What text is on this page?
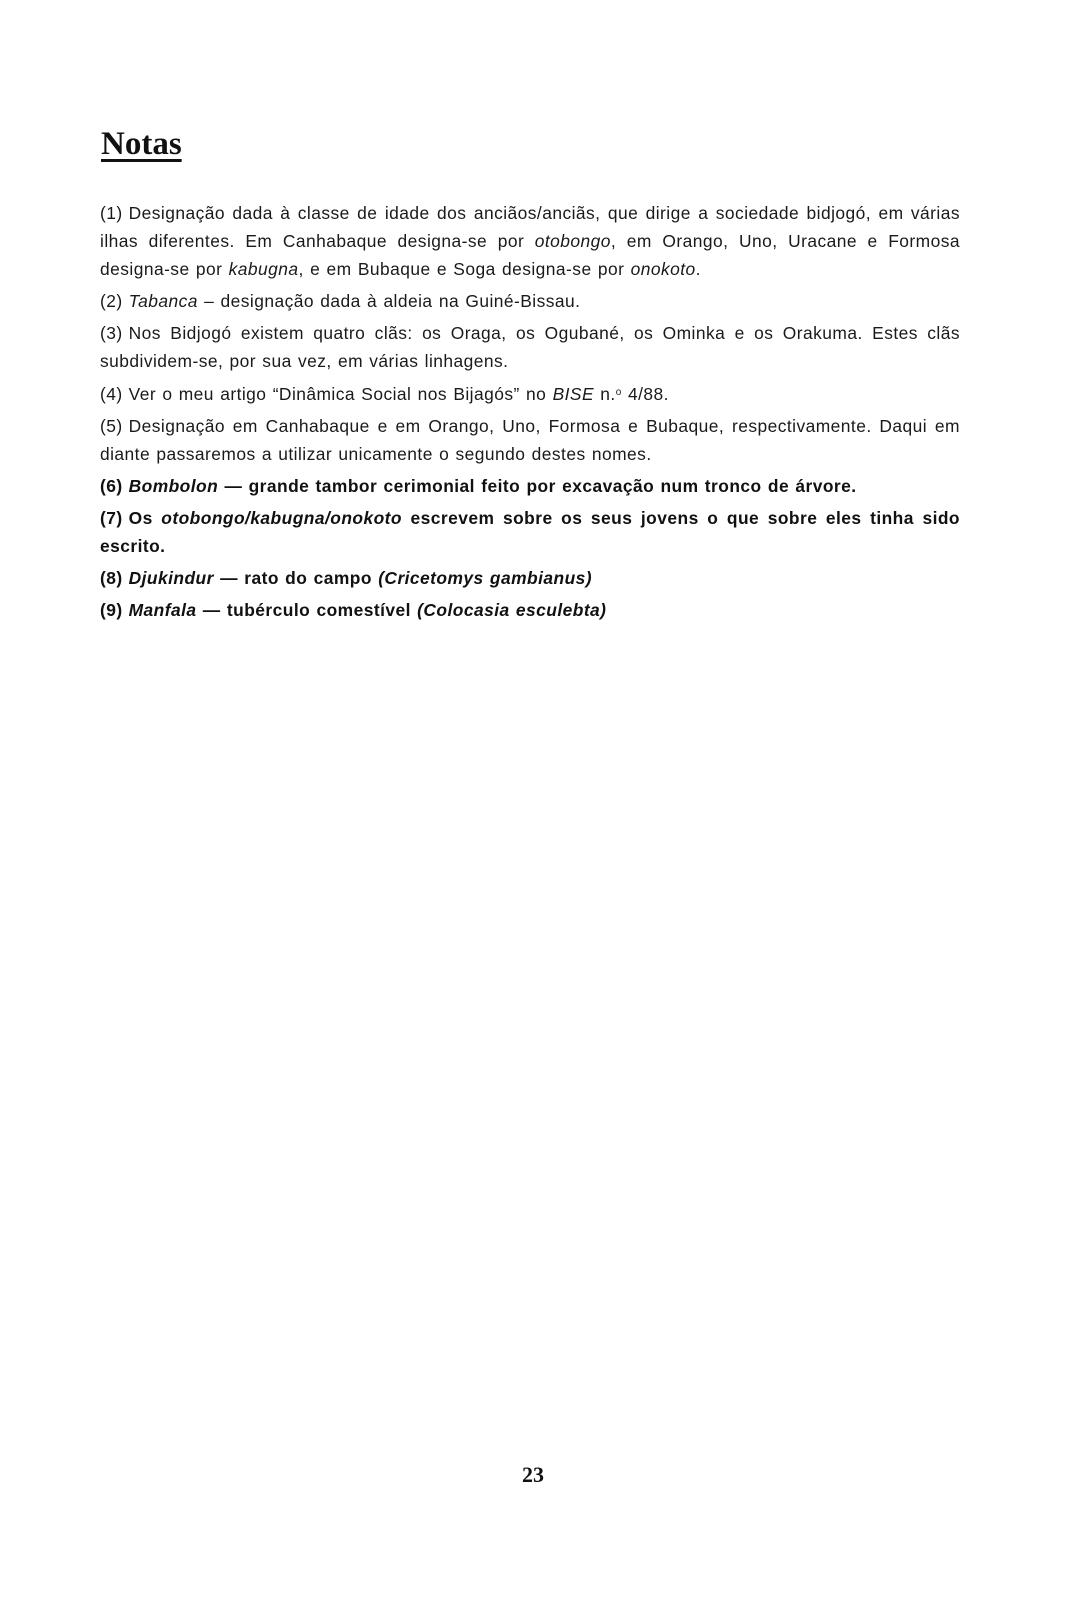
Notas
(1) Designação dada à classe de idade dos anciãos/anciãs, que dirige a sociedade bidjogó, em várias ilhas diferentes. Em Canhabaque designa-se por otobongo, em Orango, Uno, Uracane e Formosa designa-se por kabugna, e em Bubaque e Soga designa-se por onokoto.
(2) Tabanca – designação dada à aldeia na Guiné-Bissau.
(3) Nos Bidjogó existem quatro clãs: os Oraga, os Ogubané, os Ominka e os Orakuma. Estes clãs subdividem-se, por sua vez, em várias linhagens.
(4) Ver o meu artigo “Dinâmica Social nos Bijagós” no BISE n.$^o$ 4/88.
(5) Designação em Canhabaque e em Orango, Uno, Formosa e Bubaque, respectivamente. Daqui em diante passaremos a utilizar unicamente o segundo destes nomes.
(6) Bombolon — grande tambor cerimonial feito por excavação num tronco de árvore.
(7) Os otobongo/kabugna/onokoto escrevem sobre os seus jovens o que sobre eles tinha sido escrito.
(8) Djukindur — rato do campo (Cricetomys gambianus)
(9) Manfala — tubérculo comestível (Colocasia esculebta)
23
